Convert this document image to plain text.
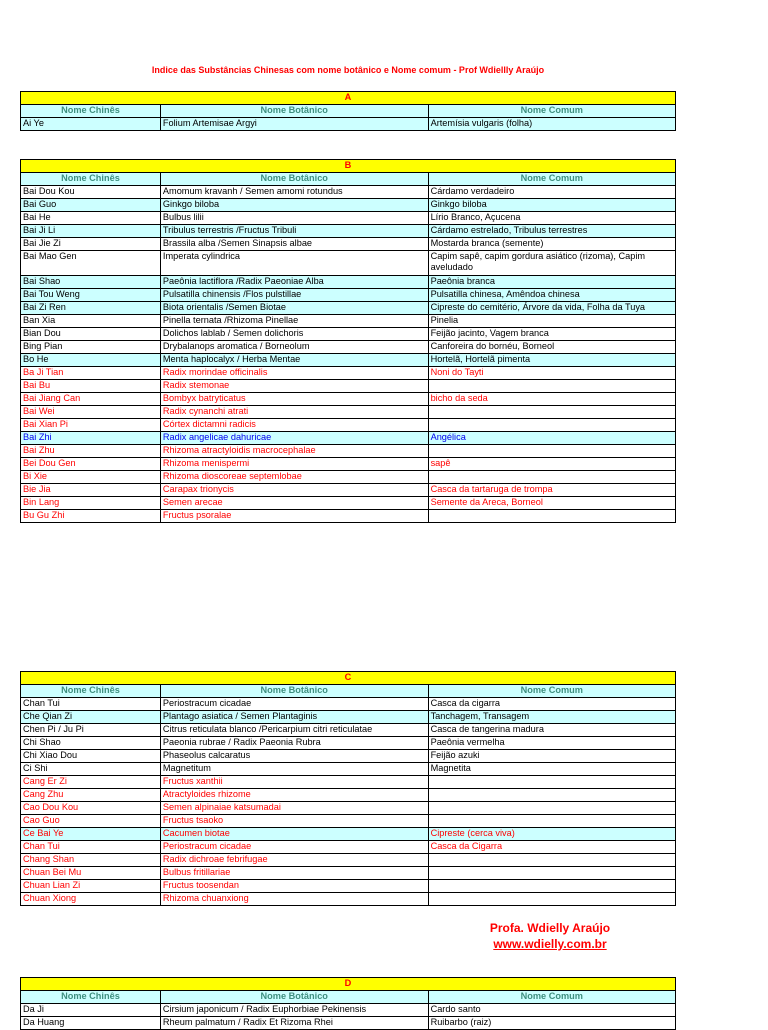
Indice das Substâncias Chinesas com nome botânico e Nome comum - Prof Wdiellly Araújo
A		
Nome Chinês	Nome Botânico	Nome Comum
Ai Ye	Folium Artemisae Argyi	Artemísia vulgaris (folha)
B		
Nome Chinês	Nome Botânico	Nome Comum
Bai Dou Kou	Amomum kravanh / Semen amomi rotundus	Cárdamo verdadeiro
Bai Guo	Ginkgo biloba	Ginkgo biloba
Bai He	Bulbus lilii	Lírio Branco, Açucena
Bai Ji Li	Tribulus terrestris /Fructus Tribuli	Cárdamo estrelado, Tribulus terrestres
Bai Jie Zi	Brassila alba /Semen Sinapsis albae	Mostarda branca (semente)
Bai Mao Gen	Imperata cylindrica	Capim sapê, capim gordura asiático (rizoma), Capim aveludado
Bai Shao	Paeônia lactiflora /Radix Paeoniae Alba	Paeônia branca
Bai Tou Weng	Pulsatilla chinensis /Flos pulstillae	Pulsatilla chinesa, Amêndoa chinesa
Bai Zi Ren	Biota orientalis /Semen Biotae	Cipreste do cemitério, Árvore da vida, Folha da Tuya
Ban Xia	Pinella ternata /Rhizoma Pinellae	Pinelia
Bian Dou	Dolichos lablab / Semen dolichoris	Feijão jacinto, Vagem branca
Bing Pian	Drybalanops aromatica / Borneolum	Canforeira do bornéu, Borneol
Bo He	Menta haplocalyx / Herba Mentae	Hortelã, Hortelã pimenta
Ba Ji Tian	Radix morindae officinalis	Noni do Tayti
Bai Bu	Radix stemonae	
Bai Jiang Can	Bombyx batryticatus	bicho da seda
Bai Wei	Radix cynanchi atrati	
Bai Xian Pi	Córtex dictamni radicis	
Bai Zhi	Radix angelicae dahuricae	Angélica
Bai Zhu	Rhizoma atractyloidis macrocephalae	
Bei Dou Gen	Rhizoma menispermi	sapê
Bi Xie	Rhizoma dioscoreae septemlobae	
Bie Jia	Carapax trionycis	Casca da tartaruga de trompa
Bin Lang	Semen arecae	Semente da Areca, Borneol
Bu Gu Zhi	Fructus psoralae	
C		
Nome Chinês	Nome Botânico	Nome Comum
Chan Tui	Periostracum cicadae	Casca da cigarra
Che Qian Zi	Plantago asiatica / Semen Plantaginis	Tanchagem, Transagem
Chen Pi / Ju Pi	Citrus reticulata blanco /Pericarpium citri reticulatae	Casca de tangerina madura
Chi Shao	Paeonia rubrae / Radix Paeonia Rubra	Paeônia vermelha
Chi Xiao Dou	Phaseolus calcaratus	Feijão azuki
Ci Shi	Magnetitum	Magnetita
Cang Er Zi	Fructus xanthii	
Cang Zhu	Atractyloides rhizome	
Cao Dou Kou	Semen alpinaiae katsumadai	
Cao Guo	Fructus tsaoko	
Ce Bai Ye	Cacumen biotae	Cipreste (cerca viva)
Chan Tui	Periostracum cicadae	Casca da Cigarra
Chang Shan	Radix dichroae febrifugae	
Chuan Bei Mu	Bulbus fritillariae	
Chuan Lian Zi	Fructus toosendan	
Chuan Xiong	Rhizoma chuanxiong	
D		
Nome Chinês	Nome Botânico	Nome Comum
Da Ji	Cirsium japonicum / Radix Euphorbiae Pekinensis	Cardo santo
Da Huang	Rheum palmatum / Radix Et Rizoma Rhei	Ruibarbo (raiz)
Profa. Wdielly Araújo
www.wdielly.com.br
